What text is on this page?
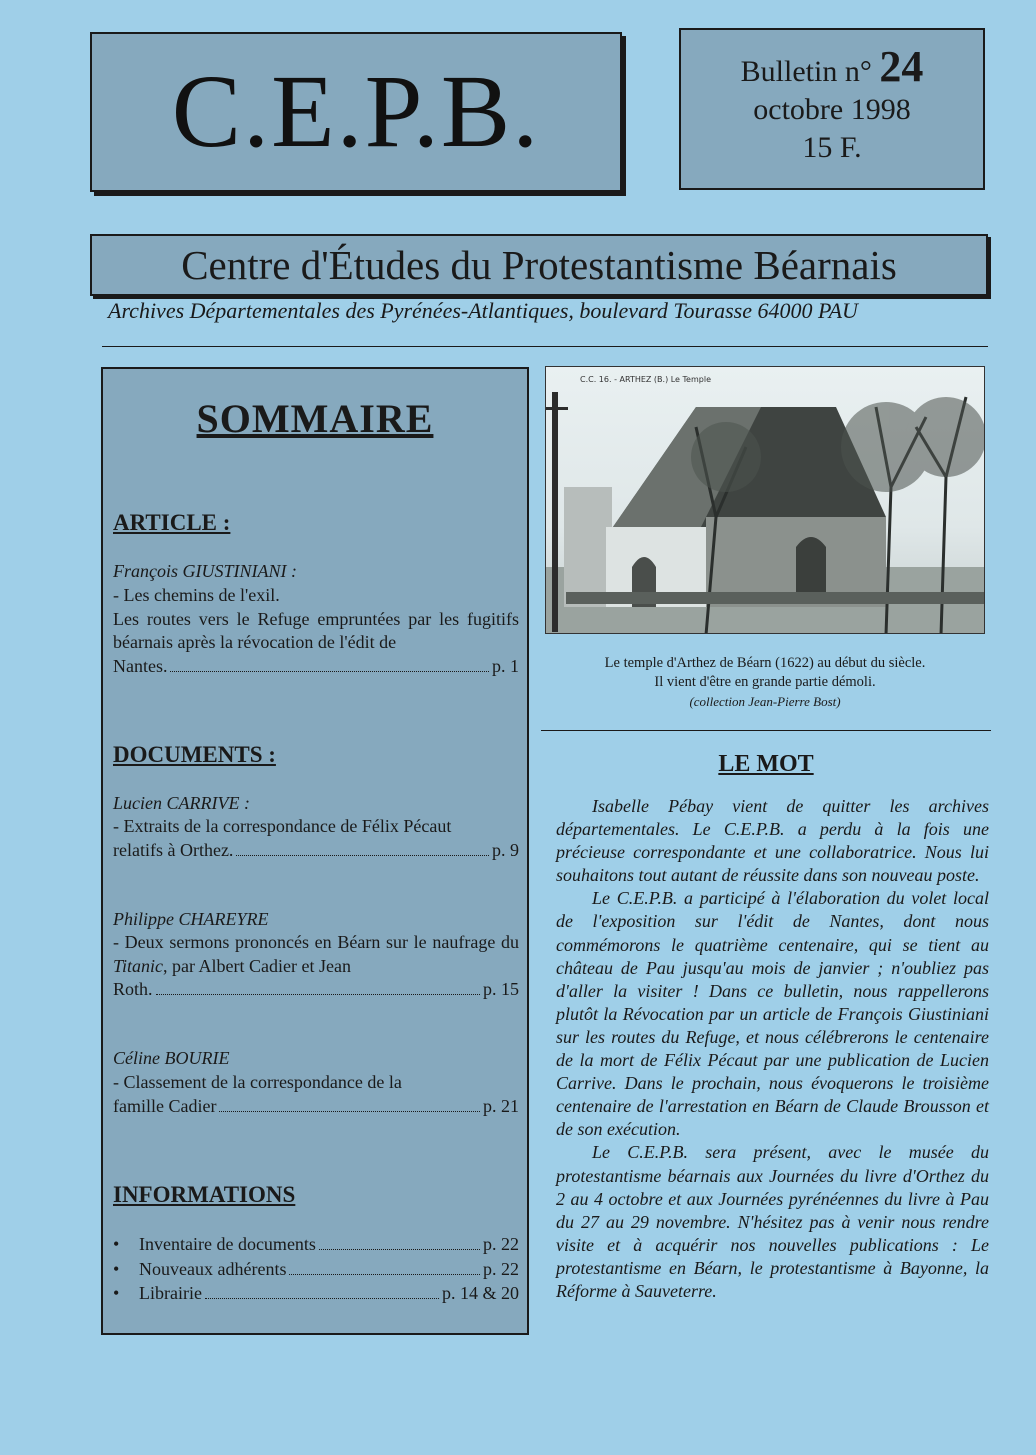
C.E.P.B.	Bulletin n° 24
octobre 1998
15 F.
Centre d'Études du Protestantisme Béarnais
Archives Départementales des Pyrénées-Atlantiques, boulevard Tourasse 64000 PAU
SOMMAIRE
ARTICLE :
François GIUSTINIANI :
- Les chemins de l'exil.
Les routes vers le Refuge empruntées par les fugitifs béarnais après la révocation de l'édit de
Nantes.	p. 1
DOCUMENTS :
Lucien CARRIVE :
- Extraits de la correspondance de Félix Pécaut
relatifs à Orthez.	p. 9
Philippe CHAREYRE
- Deux sermons prononcés en Béarn sur le naufrage du Titanic, par Albert Cadier et Jean
Roth.	p. 15
Céline BOURIE
- Classement de la correspondance de la
famille Cadier	p. 21
INFORMATIONS
•	Inventaire de documents	p. 22
•	Nouveaux adhérents	p. 22
•	Librairie	p. 14 & 20
C.C. 16. - ARTHEZ (B.) Le Temple
Le temple d'Arthez de Béarn (1622) au début du siècle.
Il vient d'être en grande partie démoli.
(collection Jean-Pierre Bost)
LE MOT

Isabelle Pébay vient de quitter les archives départementales. Le C.E.P.B. a perdu à la fois une précieuse correspondante et une collaboratrice. Nous lui souhaitons tout autant de réussite dans son nouveau poste.

Le C.E.P.B. a participé à l'élaboration du volet local de l'exposition sur l'édit de Nantes, dont nous commémorons le quatrième centenaire, qui se tient au château de Pau jusqu'au mois de janvier ; n'oubliez pas d'aller la visiter ! Dans ce bulletin, nous rappellerons plutôt la Révocation par un article de François Giustiniani sur les routes du Refuge, et nous célébrerons le centenaire de la mort de Félix Pécaut par une publication de Lucien Carrive. Dans le prochain, nous évoquerons le troisième centenaire de l'arrestation en Béarn de Claude Brousson et de son exécution.

Le C.E.P.B. sera présent, avec le musée du protestantisme béarnais aux Journées du livre d'Orthez du 2 au 4 octobre et aux Journées pyrénéennes du livre à Pau du 27 au 29 novembre. N'hésitez pas à venir nous rendre visite et à acquérir nos nouvelles publications : Le protestantisme en Béarn, le protestantisme à Bayonne, la Réforme à Sauveterre.
